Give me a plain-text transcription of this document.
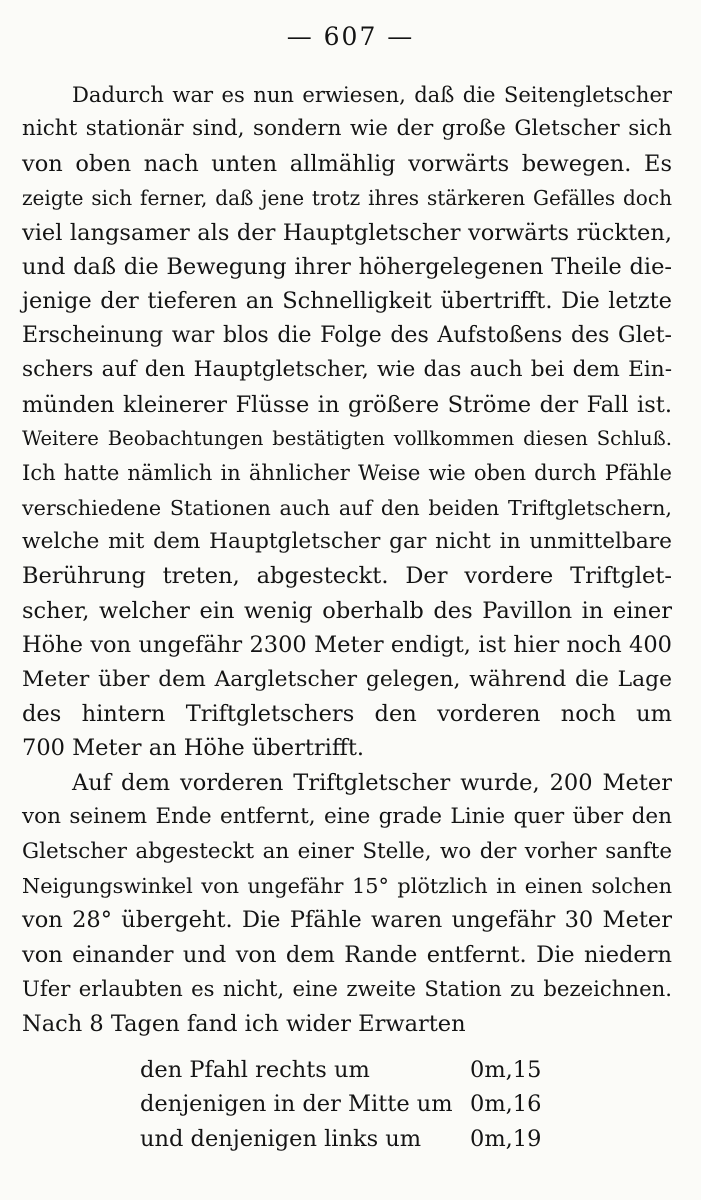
— 607 —
Dadurch war es nun erwiesen, daß die Seitengletscher
nicht stationär sind, sondern wie der große Gletscher sich
von oben nach unten allmählig vorwärts bewegen. Es
zeigte sich ferner, daß jene trotz ihres stärkeren Gefälles doch
viel langsamer als der Hauptgletscher vorwärts rückten,
und daß die Bewegung ihrer höhergelegenen Theile die-
jenige der tieferen an Schnelligkeit übertrifft. Die letzte
Erscheinung war blos die Folge des Aufstoßens des Glet-
schers auf den Hauptgletscher, wie das auch bei dem Ein-
münden kleinerer Flüsse in größere Ströme der Fall ist.
Weitere Beobachtungen bestätigten vollkommen diesen Schluß.
Ich hatte nämlich in ähnlicher Weise wie oben durch Pfähle
verschiedene Stationen auch auf den beiden Triftgletschern,
welche mit dem Hauptgletscher gar nicht in unmittelbare
Berührung treten, abgesteckt. Der vordere Triftglet-
scher, welcher ein wenig oberhalb des Pavillon in einer
Höhe von ungefähr 2300 Meter endigt, ist hier noch 400
Meter über dem Aargletscher gelegen, während die Lage
des hintern Triftgletschers den vorderen noch um
700 Meter an Höhe übertrifft.
Auf dem vorderen Triftgletscher wurde, 200 Meter
von seinem Ende entfernt, eine grade Linie quer über den
Gletscher abgesteckt an einer Stelle, wo der vorher sanfte
Neigungswinkel von ungefähr 15° plötzlich in einen solchen
von 28° übergeht. Die Pfähle waren ungefähr 30 Meter
von einander und von dem Rande entfernt. Die niedern
Ufer erlaubten es nicht, eine zweite Station zu bezeichnen.
Nach 8 Tagen fand ich wider Erwarten
den Pfahl rechts um	0m,15
denjenigen in der Mitte um 0m,16
und denjenigen links um 0m,19
